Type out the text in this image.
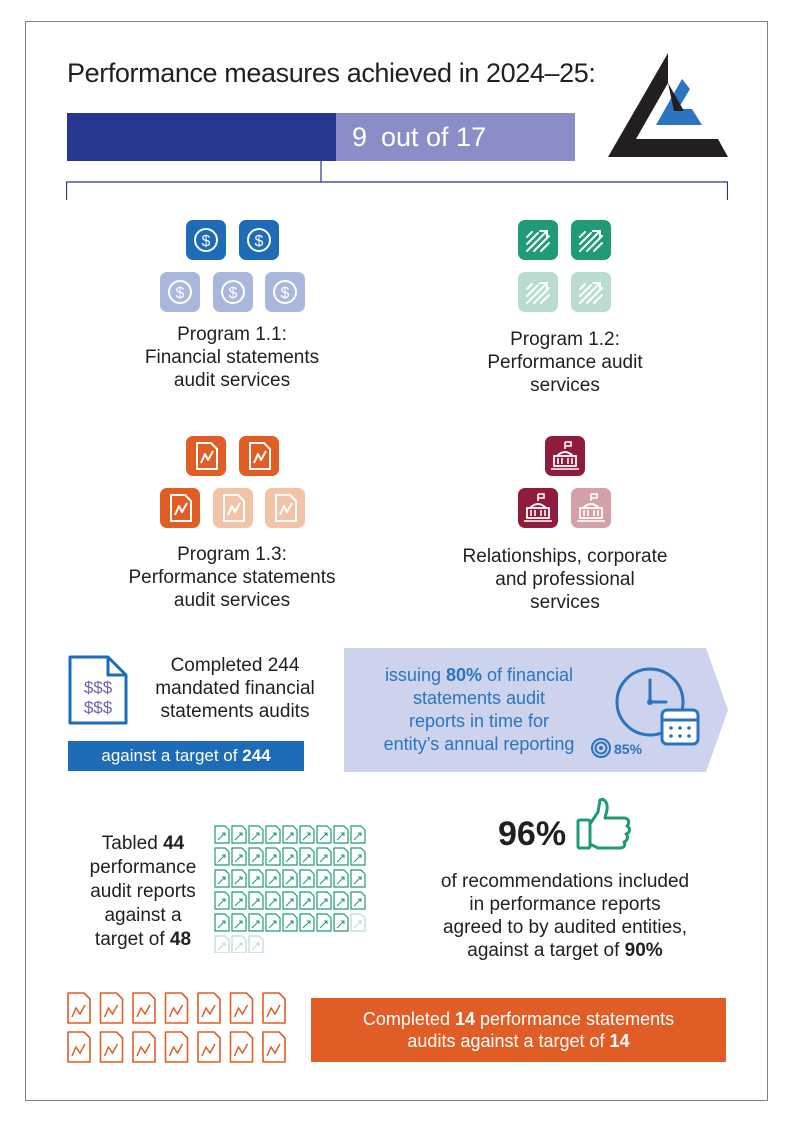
Performance measures achieved in 2024–25:
9 out of 17
Program 1.1:
Financial statements
audit services
Program 1.2:
Performance audit
services
Program 1.3:
Performance statements
audit services
Relationships, corporate
and professional
services
$$$
$$$
Completed 244
mandated financial
statements audits
against a target of 244
issuing 80% of financial
statements audit
reports in time for
entity’s annual reporting	85%
Tabled 44
performance
audit reports
against a
target of 48
96%
of recommendations included
in performance reports
agreed to by audited entities,
against a target of 90%
Completed 14 performance statements
audits against a target of 14
$	$
$	$	$
